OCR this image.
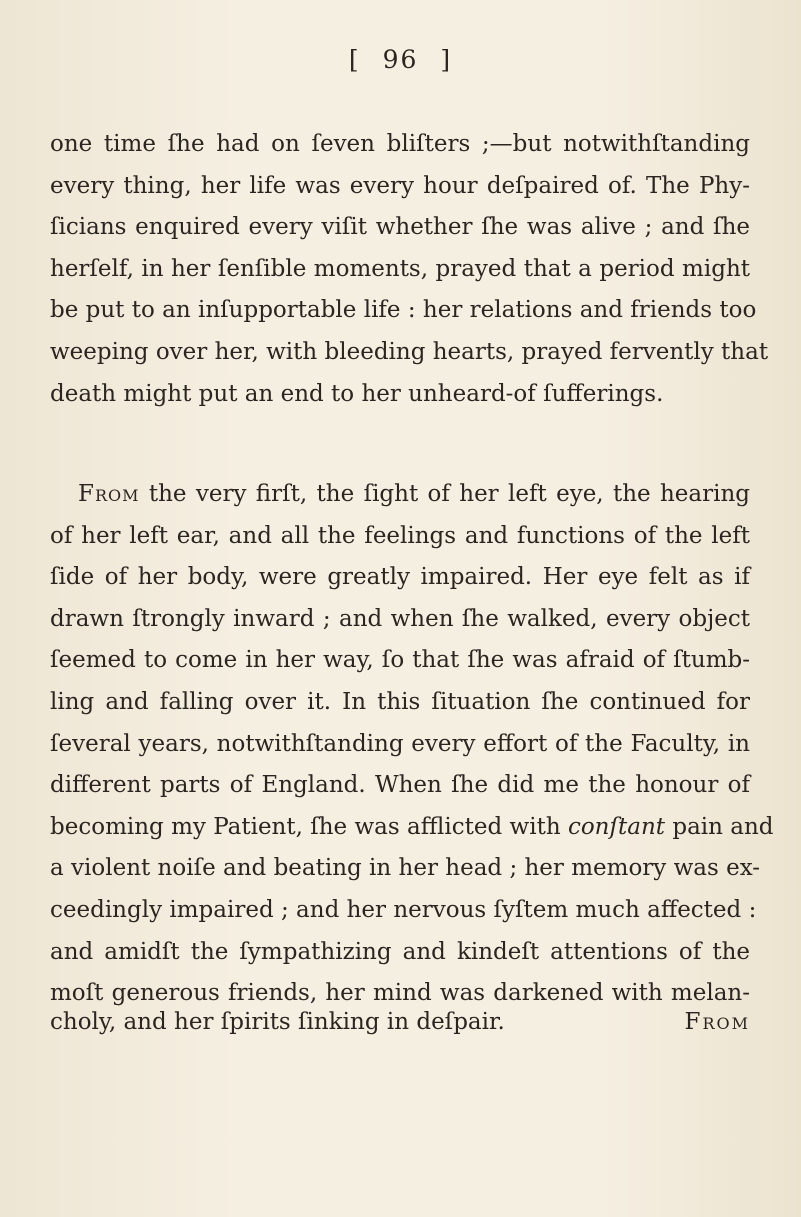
[ 96 ]

one time ſhe had on ſeven bliſters ;—but notwithſtanding
every thing, her life was every hour deſpaired of. The Phy-
ſicians enquired every viſit whether ſhe was alive ; and ſhe
herſelf, in her ſenſible moments, prayed that a period might
be put to an inſupportable life : her relations and friends too
weeping over her, with bleeding hearts, prayed fervently that
death might put an end to her unheard-of ſufferings.

From the very firſt, the ſight of her left eye, the hearing
of her left ear, and all the feelings and functions of the left
ſide of her body, were greatly impaired. Her eye felt as if
drawn ſtrongly inward ; and when ſhe walked, every object
ſeemed to come in her way, ſo that ſhe was afraid of ſtumb-
ling and falling over it. In this ſituation ſhe continued for
ſeveral years, notwithſtanding every effort of the Faculty, in
different parts of England. When ſhe did me the honour of
becoming my Patient, ſhe was afflicted with conſtant pain and
a violent noiſe and beating in her head ; her memory was ex-
ceedingly impaired ; and her nervous ſyſtem much affected :
and amidſt the ſympathizing and kindeſt attentions of the
moſt generous friends, her mind was darkened with melan-

choly, and her ſpirits ſinking in deſpair.	From
